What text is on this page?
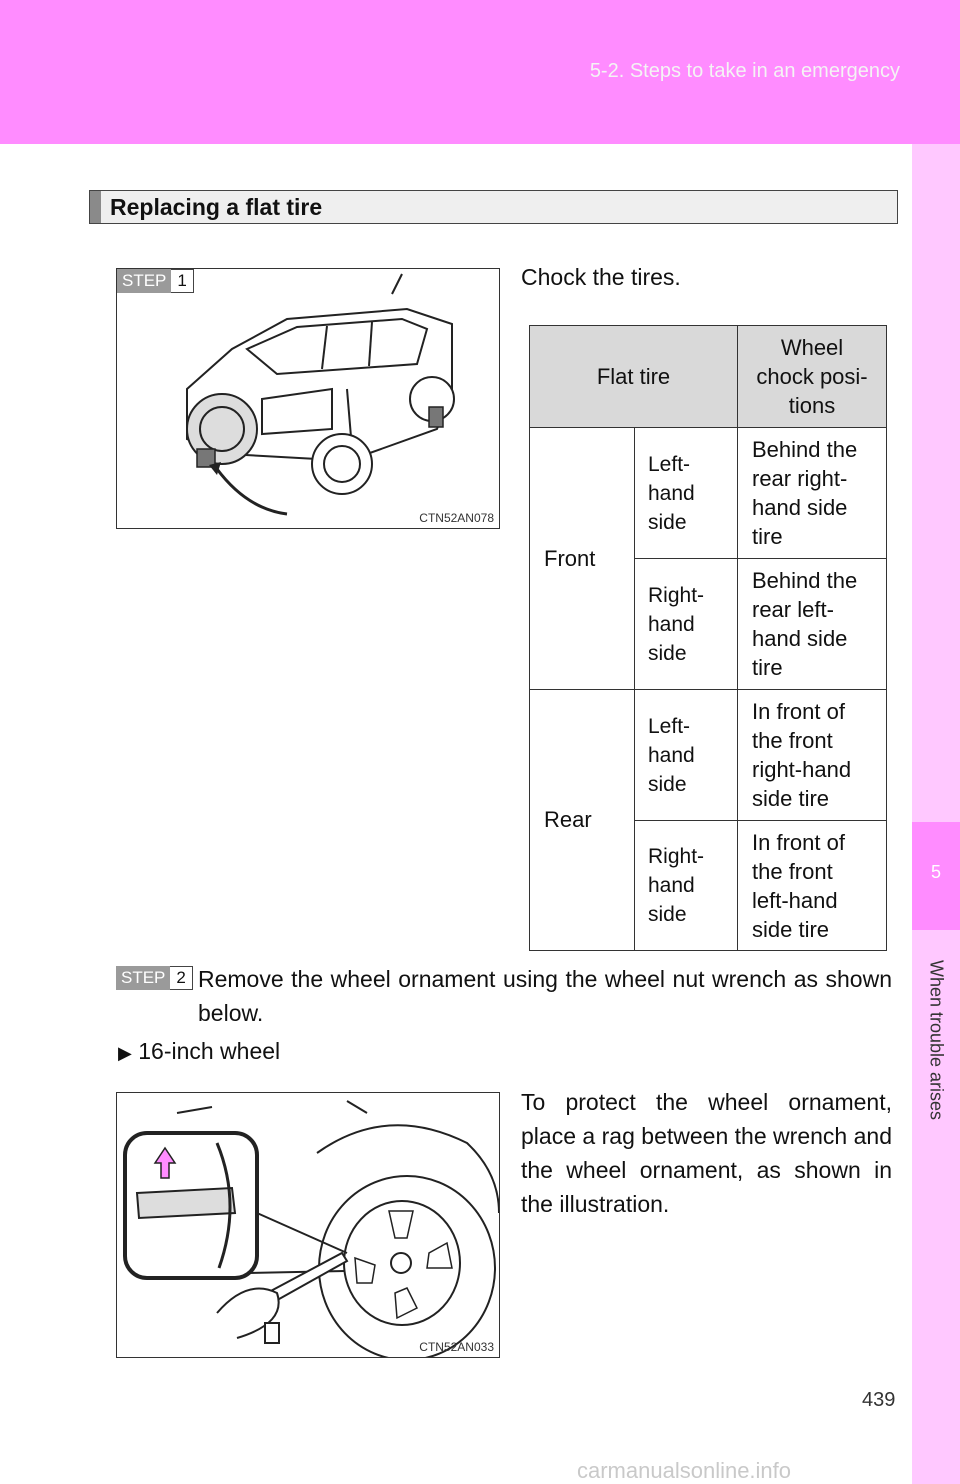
5-2. Steps to take in an emergency
5
When trouble arises
Replacing a flat tire
STEP 1
CTN52AN078
Chock the tires.
Flat tire		Wheel
chock posi-
tions
Front	Left-
hand
side	Behind the
rear right-
hand side
tire
	Right-
hand
side	Behind the
rear left-
hand side
tire
Rear	Left-
hand
side	In front of
the front
right-hand
side tire
	Right-
hand
side	In front of
the front
left-hand
side tire
STEP 2 Remove the wheel ornament using the wheel nut wrench as shown below.
▶ 16-inch wheel
CTN52AN033
To protect the wheel ornament, place a rag between the wrench and the wheel ornament, as shown in the illustration.
439
carmanualsonline.info
